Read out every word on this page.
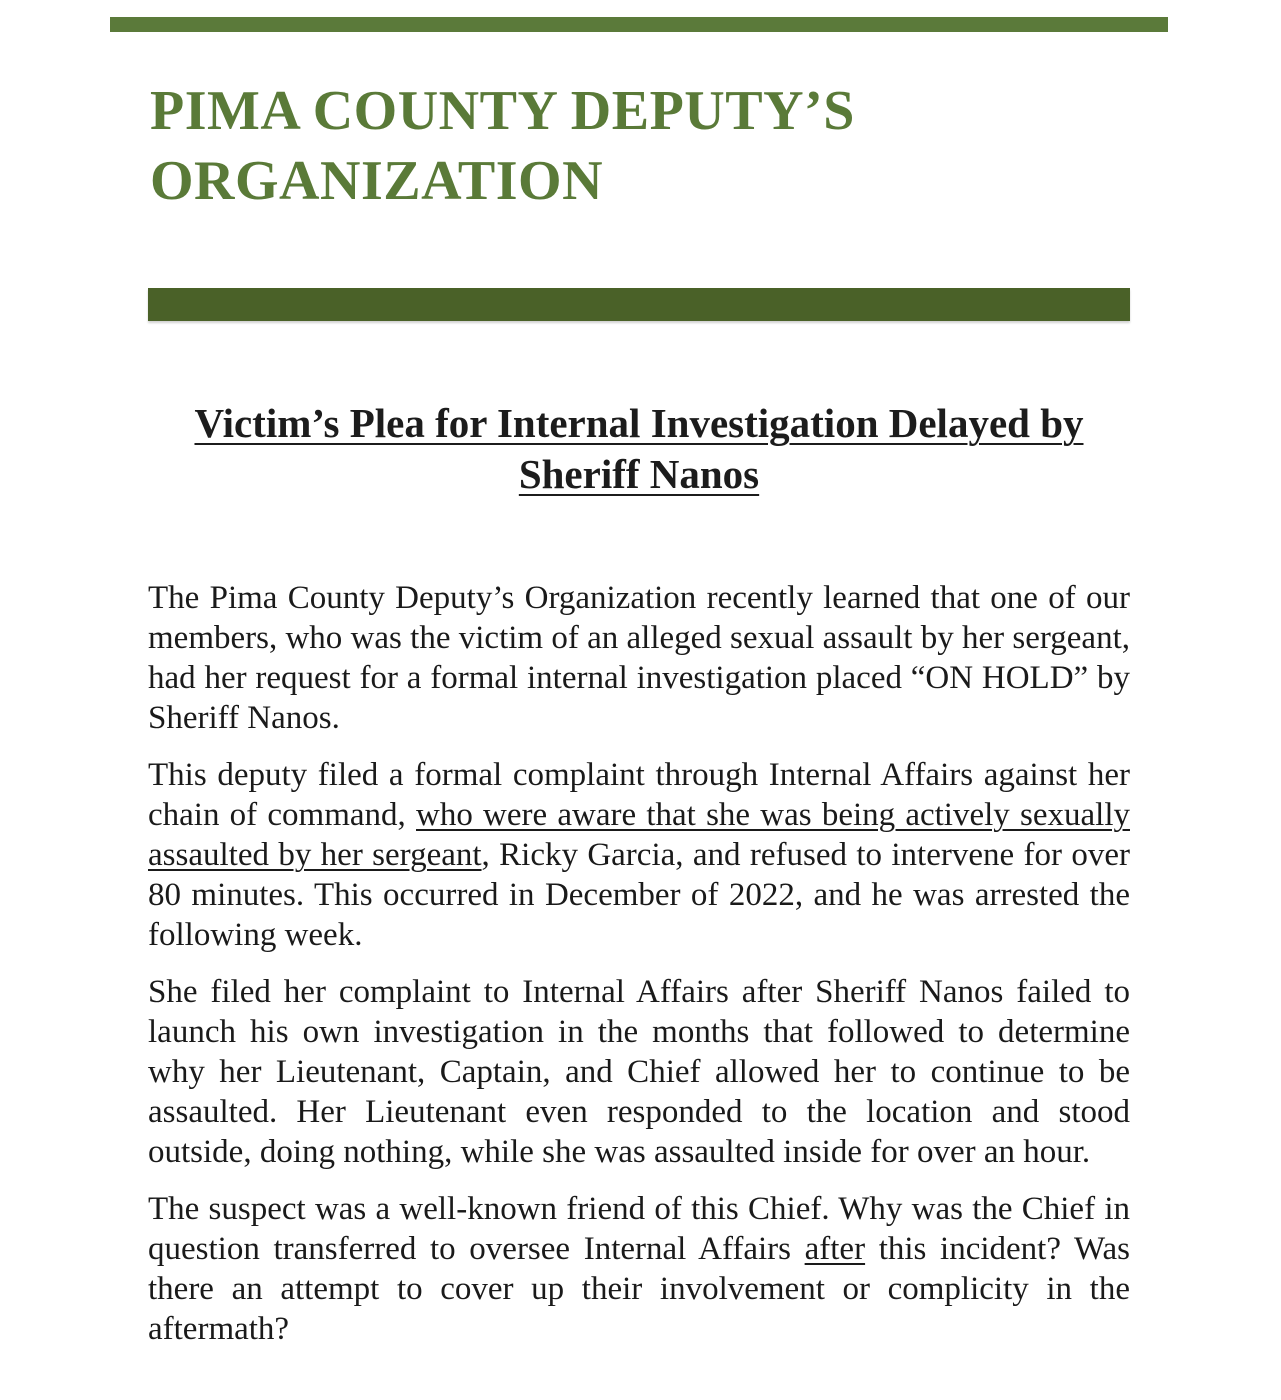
PIMA COUNTY DEPUTY’S
ORGANIZATION
Victim’s Plea for Internal Investigation Delayed by
Sheriff Nanos

The Pima County Deputy’s Organization recently learned that one of our members, who was the victim of an alleged sexual assault by her sergeant, had her request for a formal internal investigation placed “ON HOLD” by Sheriff Nanos.

This deputy filed a formal complaint through Internal Affairs against her chain of command, who were aware that she was being actively sexually assaulted by her sergeant, Ricky Garcia, and refused to intervene for over 80 minutes. This occurred in December of 2022, and he was arrested the following week.

She filed her complaint to Internal Affairs after Sheriff Nanos failed to launch his own investigation in the months that followed to determine why her Lieutenant, Captain, and Chief allowed her to continue to be assaulted. Her Lieutenant even responded to the location and stood outside, doing nothing, while she was assaulted inside for over an hour.

The suspect was a well-known friend of this Chief. Why was the Chief in question transferred to oversee Internal Affairs after this incident? Was there an attempt to cover up their involvement or complicity in the aftermath?
